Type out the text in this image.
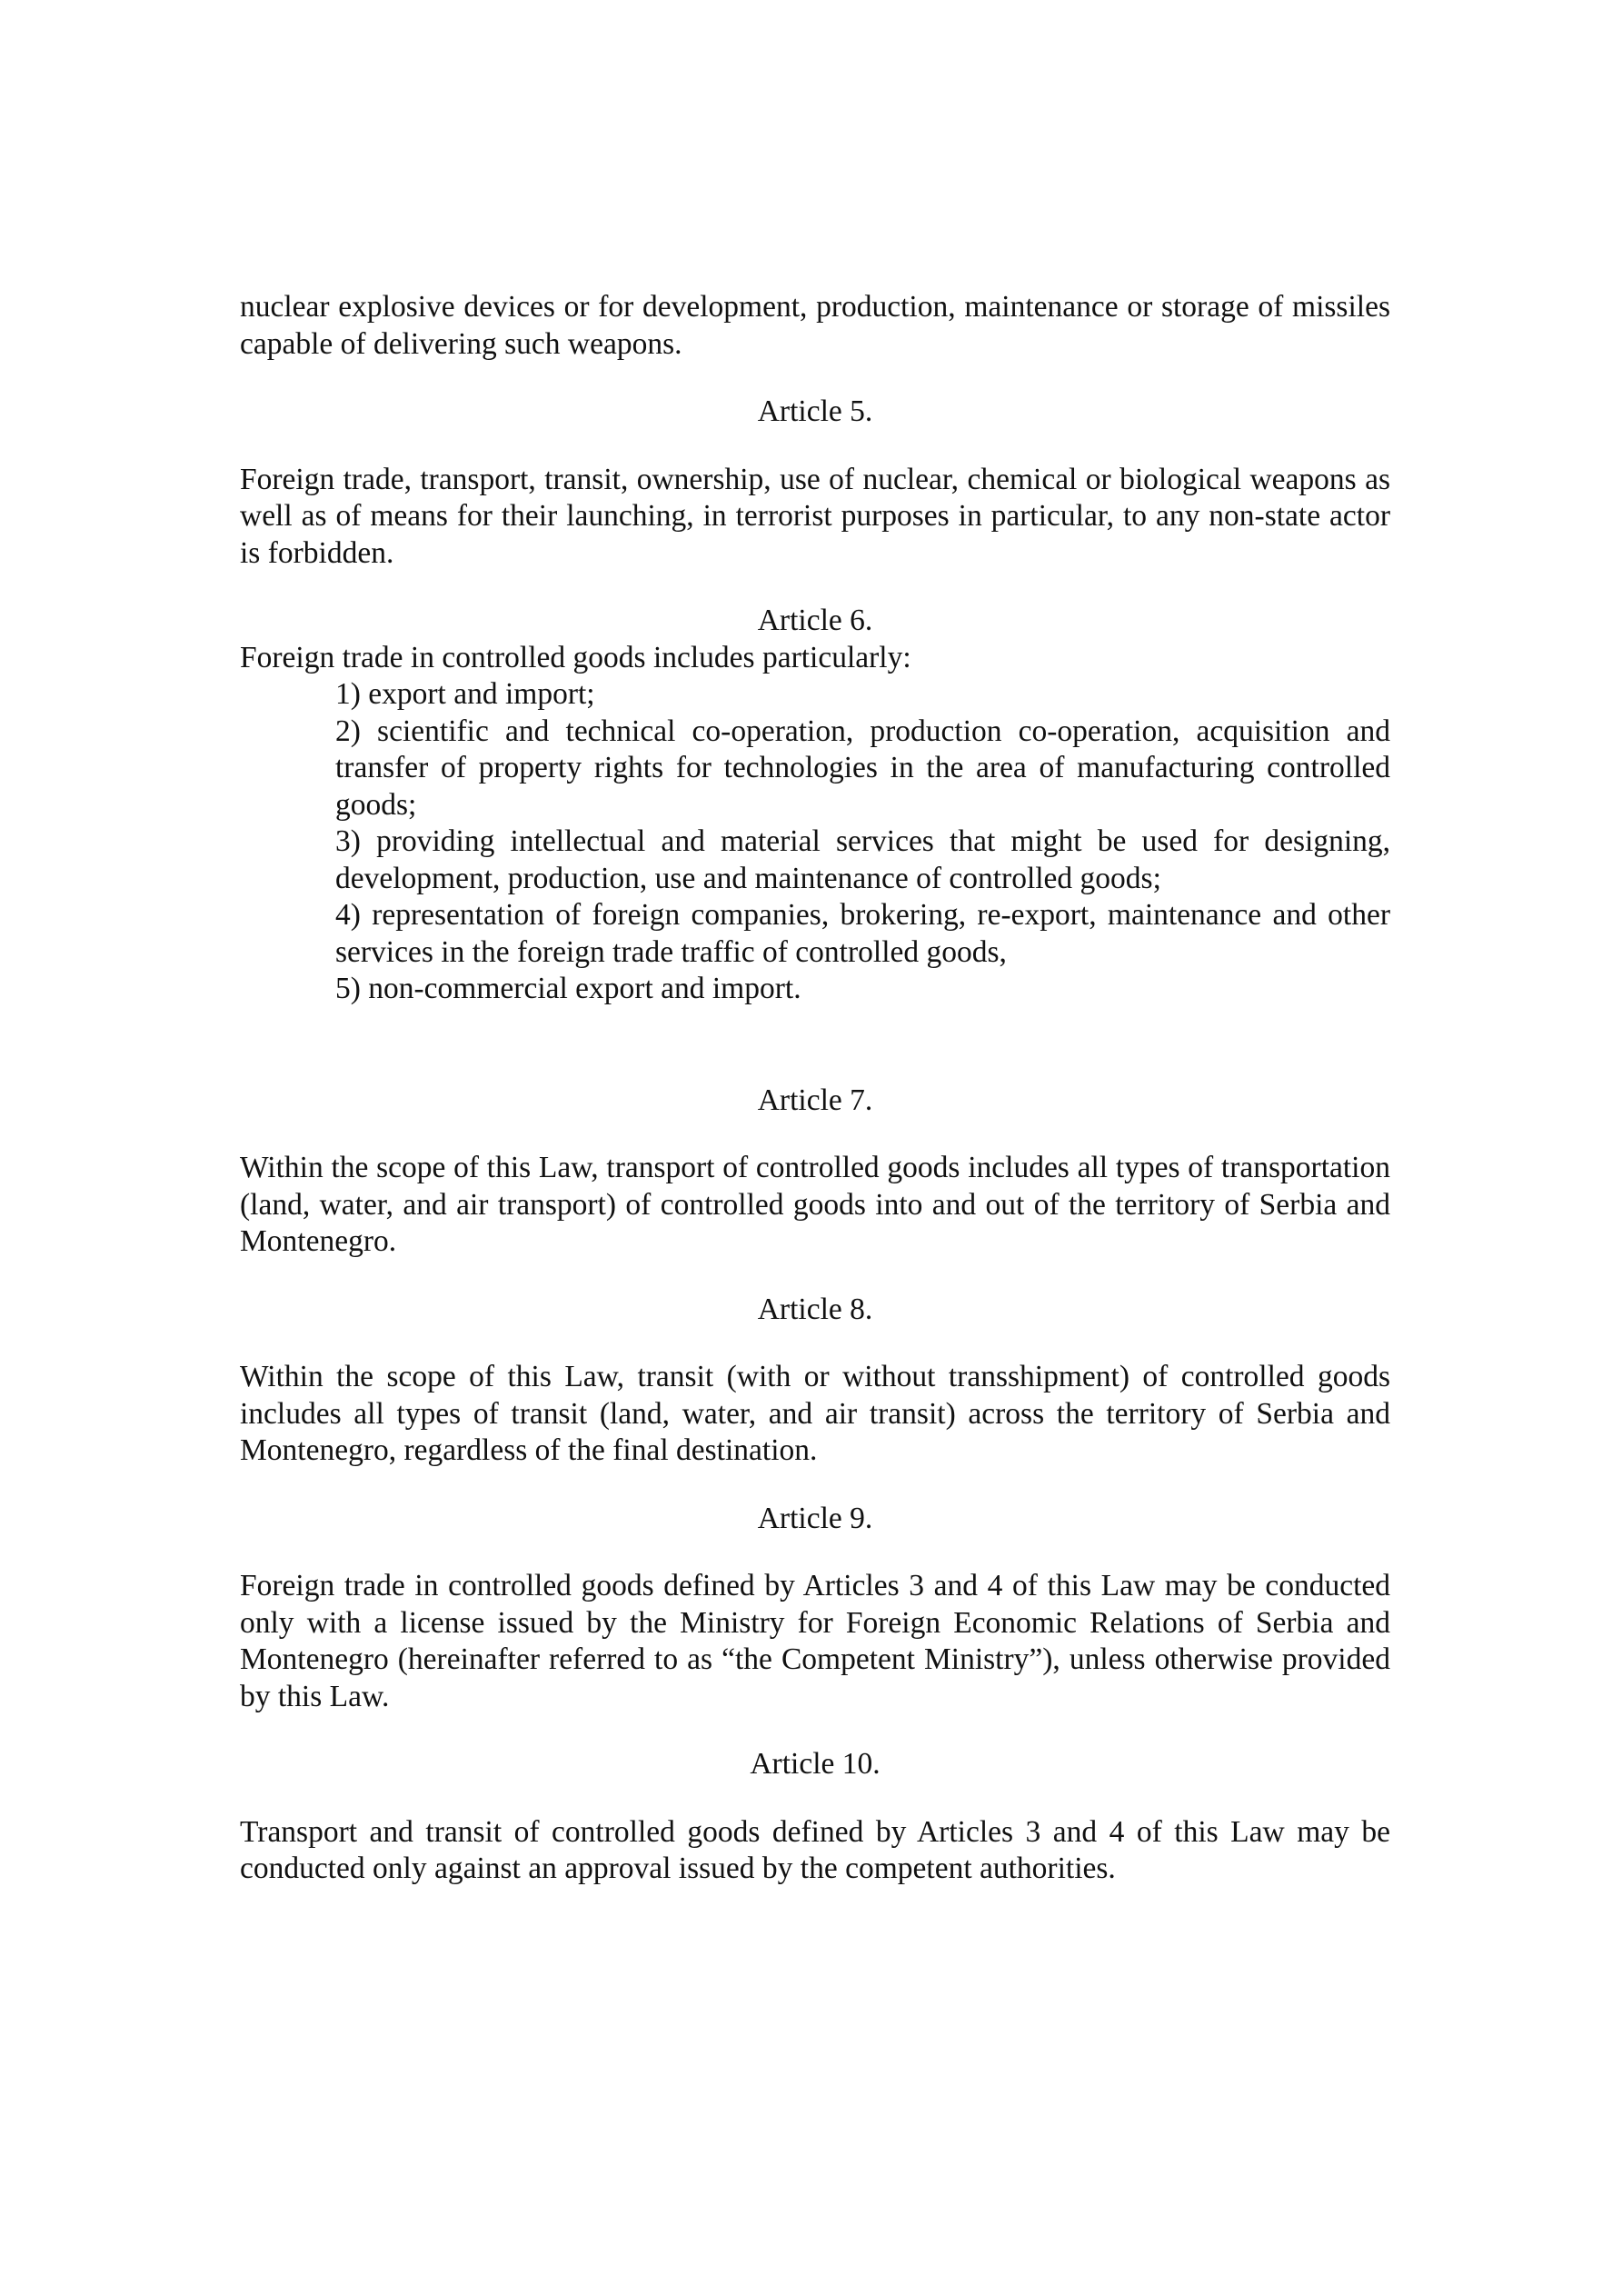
nuclear explosive devices or for development, production, maintenance or storage of missiles capable of delivering such weapons.

Article 5.

Foreign trade, transport, transit, ownership, use of nuclear, chemical or biological weapons as well as of means for their launching, in terrorist purposes in particular, to any non-state actor is forbidden.

Article 6.

Foreign trade in controlled goods includes particularly:

1) export and import;

2) scientific and technical co-operation, production co-operation, acquisition and transfer of property rights for technologies in the area of manufacturing controlled goods;

3) providing intellectual and material services that might be used for designing, development, production, use and maintenance of controlled goods;

4) representation of foreign companies, brokering, re-export, maintenance and other services in the foreign trade traffic of controlled goods,

5) non-commercial export and import.

Article 7.

Within the scope of this Law, transport of controlled goods includes all types of transportation (land, water, and air transport) of controlled goods into and out of the territory of Serbia and Montenegro.

Article 8.

Within the scope of this Law, transit (with or without transshipment) of controlled goods includes all types of transit (land, water, and air transit) across the territory of Serbia and Montenegro, regardless of the final destination.

Article 9.

Foreign trade in controlled goods defined by Articles 3 and 4 of this Law may be conducted only with a license issued by the Ministry for Foreign Economic Relations of Serbia and Montenegro (hereinafter referred to as “the Competent Ministry”), unless otherwise provided by this Law.

Article 10.

Transport and transit of controlled goods defined by Articles 3 and 4 of this Law may be conducted only against an approval issued by the competent authorities.
